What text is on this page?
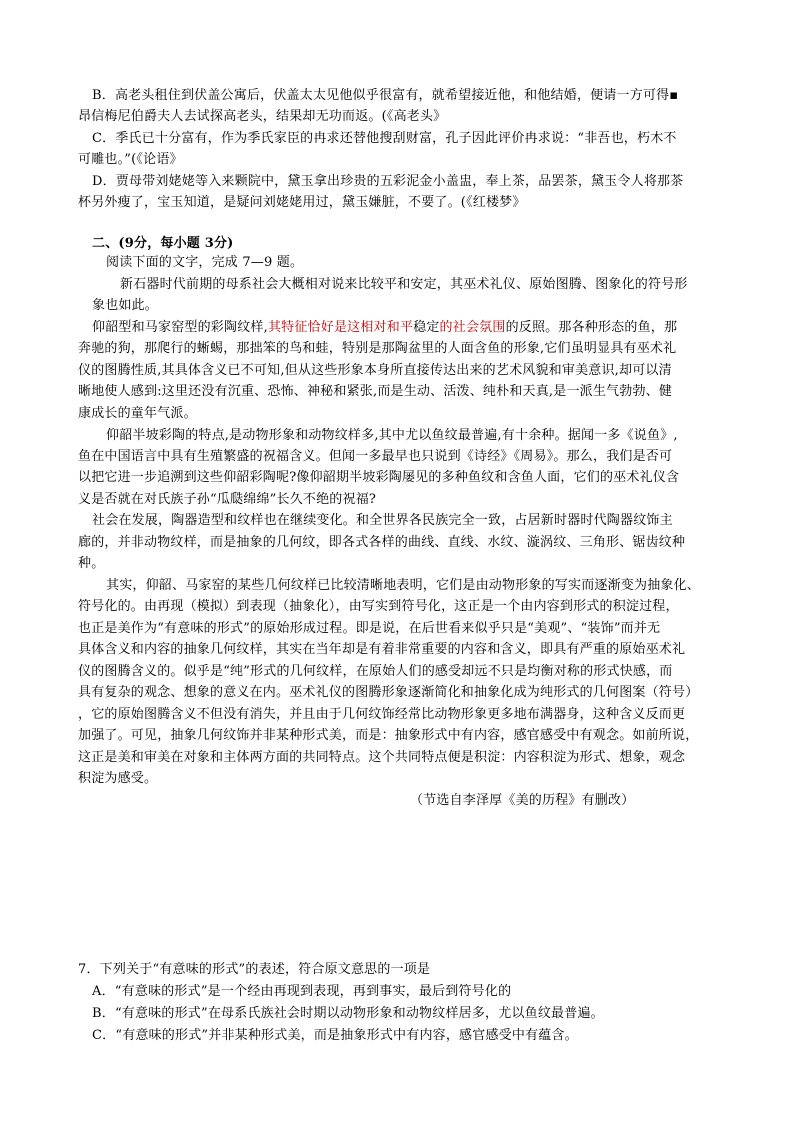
B．高老头租住到伏盖公寓后，伏盖太太见他似乎很富有，就希望接近他，和他结婚，便请一方可得▪
昂信梅尼伯爵夫人去试探高老头，结果却无功而返。(《高老头》
C．季氏已十分富有，作为季氏家臣的冉求还替他搜刮财富，孔子因此评价冉求说：“非吾也，朽木不
可雕也。”(《论语》
D．贾母带刘姥姥等入来颗院中，黛玉拿出珍贵的五彩泥金小盖盅，奉上茶，品罢茶，黛玉令人将那茶
杯另外瘦了，宝玉知道，是疑问刘姥姥用过，黛玉嫌脏，不要了。(《红楼梦》
二、(9分，每小题 3分)
阅读下面的文字，完成 7—9 题。
新石器时代前期的母系社会大概相对说来比较平和安定，其巫术礼仪、原始图腾、图象化的符号形
象也如此。
仰韶型和马家窑型的彩陶纹样,其特征恰好是这相对和平稳定的社会氛围的反照。那各种形态的鱼，那
奔驰的狗，那爬行的蜥蜴，那拙笨的鸟和蛙，特别是那陶盆里的人面含鱼的形象,它们虽明显具有巫术礼
仪的图腾性质,其具体含义已不可知,但从这些形象本身所直接传达出来的艺术风貌和审美意识,却可以清
晰地使人感到:这里还没有沉重、恐怖、神秘和紧张,而是生动、活泼、纯朴和天真,是一派生气勃勃、健
康成长的童年气派。
仰韶半坡彩陶的特点,是动物形象和动物纹样多,其中尤以鱼纹最普遍,有十余种。据闻一多《说鱼》,
鱼在中国语言中具有生殖繁盛的祝福含义。但闻一多最早也只说到《诗经》《周易》。那么，我们是否可
以把它进一步追溯到这些仰韶彩陶呢?像仰韶期半坡彩陶屡见的多种鱼纹和含鱼人面，它们的巫术礼仪含
义是否就在对氏族子孙“瓜瓞绵绵”长久不绝的祝福?
社会在发展，陶器造型和纹样也在继续变化。和全世界各民族完全一致，占居新时器时代陶器纹饰主
廊的，并非动物纹样，而是抽象的几何纹，即各式各样的曲线、直线、水纹、漩涡纹、三角形、锯齿纹种
种。
其实，仰韶、马家窑的某些几何纹样已比较清晰地表明，它们是由动物形象的写实而逐渐变为抽象化、
符号化的。由再现（模拟）到表现（抽象化），由写实到符号化，这正是一个由内容到形式的积淀过程，
也正是美作为“有意味的形式”的原始形成过程。即是说，在后世看来似乎只是“美观”、“装饰”而并无
具体含义和内容的抽象几何纹样，其实在当年却是有着非常重要的内容和含义，即具有严重的原始巫术礼
仪的图腾含义的。似乎是“纯”形式的几何纹样，在原始人们的感受却远不只是均衡对称的形式快感，而
具有复杂的观念、想象的意义在内。巫术礼仪的图腾形象逐渐简化和抽象化成为纯形式的几何图案（符号）
，它的原始图腾含义不但没有消失，并且由于几何纹饰经常比动物形象更多地布满器身，这种含义反而更
加强了。可见，抽象几何纹饰并非某种形式美，而是：抽象形式中有内容，感官感受中有观念。如前所说，
这正是美和审美在对象和主体两方面的共同特点。这个共同特点便是积淀：内容积淀为形式、想象，观念
积淀为感受。
（节选自李泽厚《美的历程》有删改）
7．下列关于“有意味的形式”的表述，符合原文意思的一项是
A．“有意味的形式”是一个经由再现到表现，再到事实，最后到符号化的
B．“有意味的形式”在母系氏族社会时期以动物形象和动物纹样居多，尤以鱼纹最普遍。
C．“有意味的形式”并非某种形式美，而是抽象形式中有内容，感官感受中有蕴含。
